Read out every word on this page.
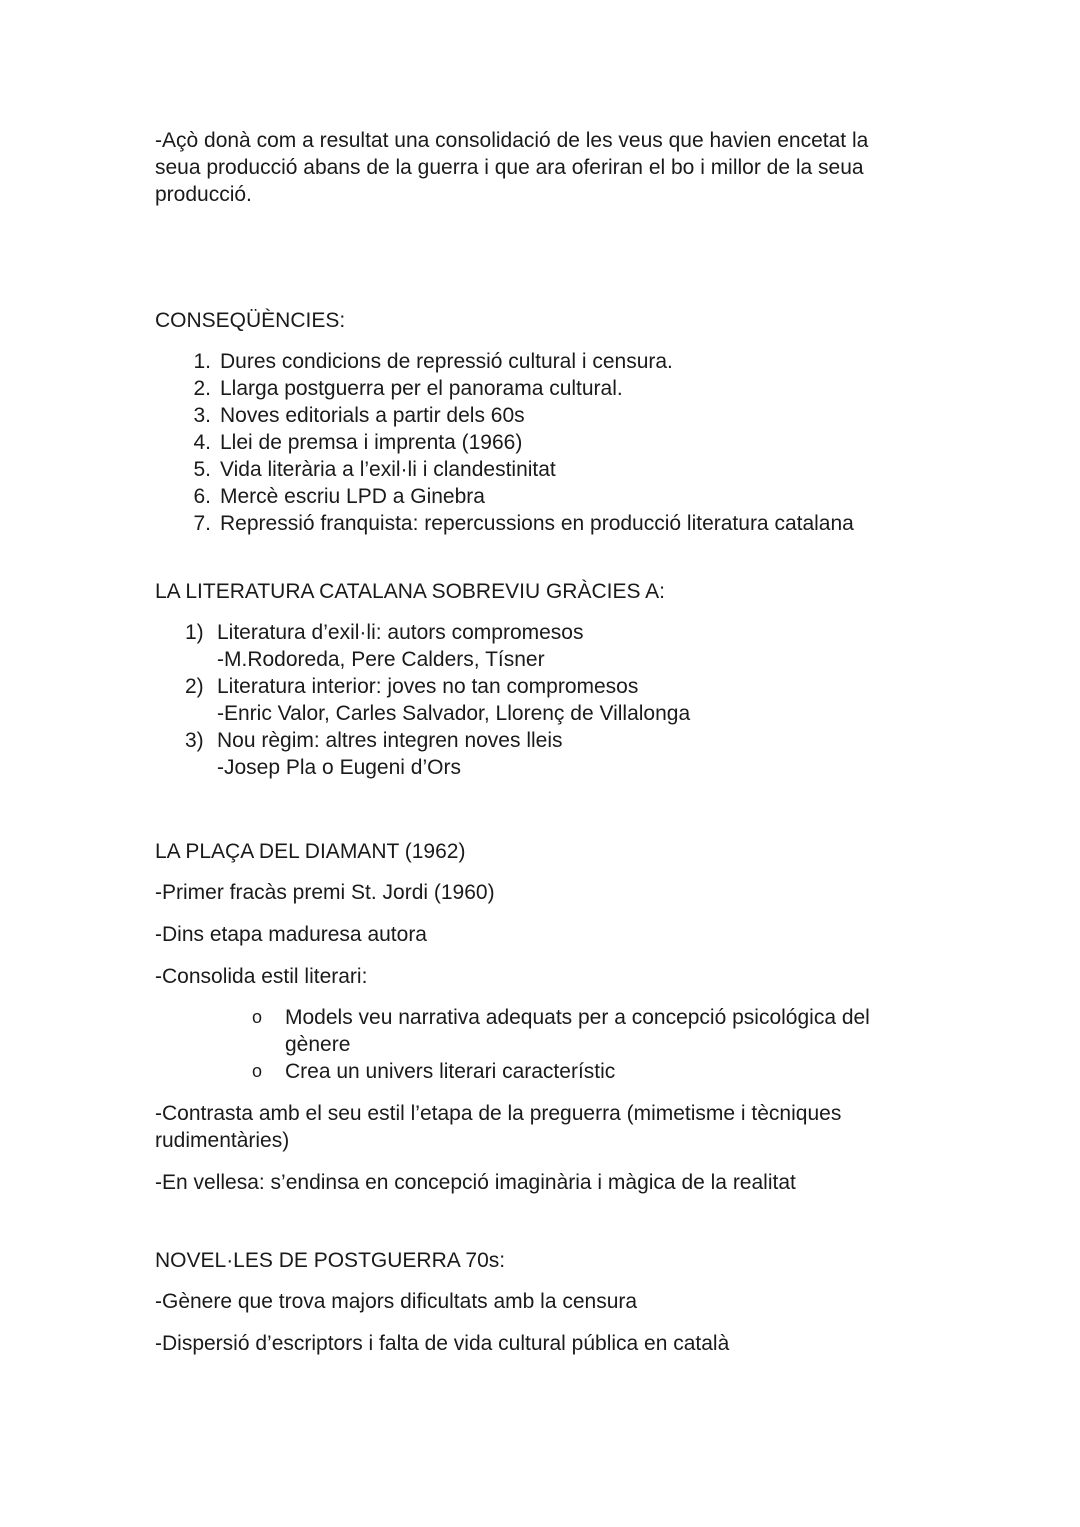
-Açò donà com a resultat una consolidació de les veus que havien encetat la seua producció abans de la guerra i que ara oferiran el bo i millor de la seua producció.

CONSEQÜÈNCIES:

1. Dures condicions de repressió cultural i censura.
2. Llarga postguerra per el panorama cultural.
3. Noves editorials a partir dels 60s
4. Llei de premsa i imprenta (1966)
5. Vida literària a l’exil·li i clandestinitat
6. Mercè escriu LPD a Ginebra
7. Repressió franquista: repercussions en producció literatura catalana

LA LITERATURA CATALANA SOBREVIU GRÀCIES A:

1) Literatura d’exil·li: autors compromesos
-M.Rodoreda, Pere Calders, Tísner
2) Literatura interior: joves no tan compromesos
-Enric Valor, Carles Salvador, Llorenç de Villalonga
3) Nou règim: altres integren noves lleis
-Josep Pla o Eugeni d’Ors

LA PLAÇA DEL DIAMANT (1962)

-Primer fracàs premi St. Jordi (1960)

-Dins etapa maduresa autora

-Consolida estil literari:

o Models veu narrativa adequats per a concepció psicológica del gènere
o Crea un univers literari característic

-Contrasta amb el seu estil l’etapa de la preguerra (mimetisme i tècniques rudimentàries)

-En vellesa: s’endinsa en concepció imaginària i màgica de la realitat

NOVEL·LES DE POSTGUERRA 70s:

-Gènere que trova majors dificultats amb la censura

-Dispersió d’escriptors i falta de vida cultural pública en català
